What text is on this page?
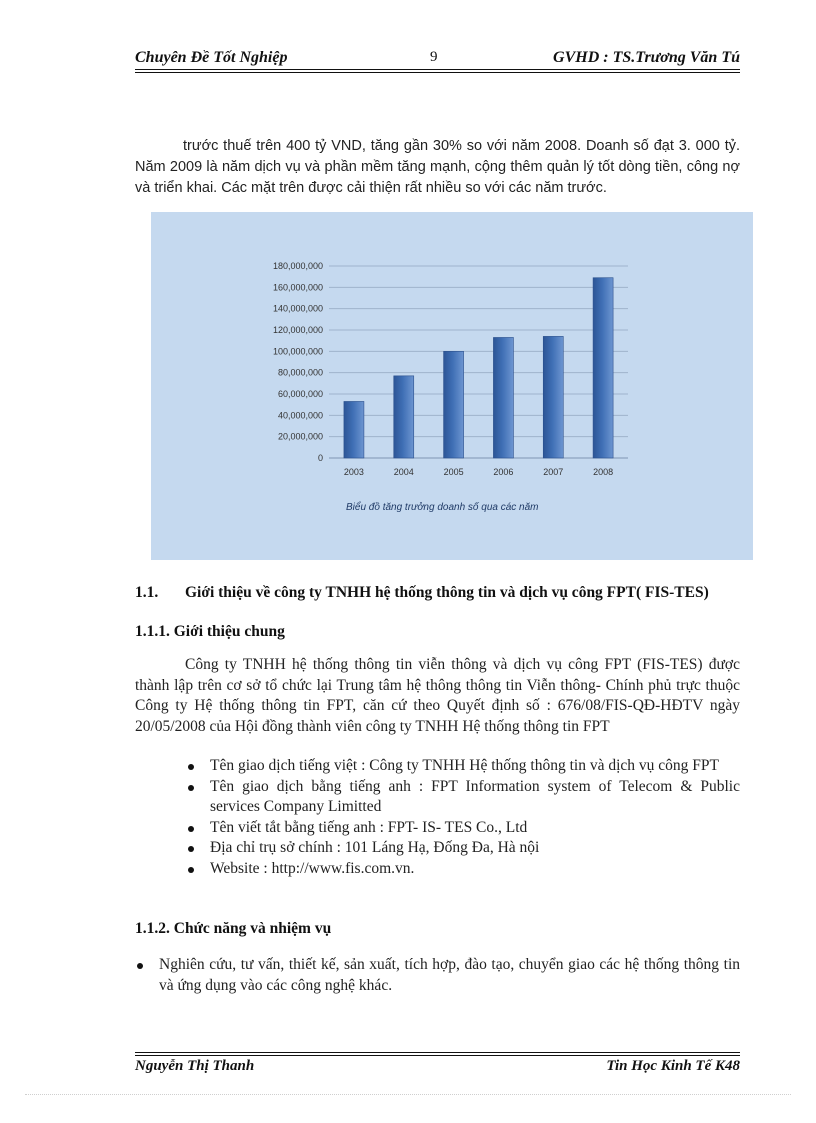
Chuyên Đề Tốt Nghiệp	9	GVHD : TS.Trương Văn Tú
trước thuế trên 400 tỷ VND, tăng gần 30% so với năm 2008. Doanh số đạt 3. 000 tỷ. Năm 2009 là năm dịch vụ và phần mềm tăng mạnh, cộng thêm quản lý tốt dòng tiền, công nợ và triển khai. Các mặt trên được cải thiện rất nhiều so với các năm trước.
0
20,000,000
40,000,000
60,000,000
80,000,000
100,000,000
120,000,000
140,000,000
160,000,000
180,000,000
2003	2004	2005	2006	2007	2008
Biểu đồ tăng trưởng doanh số qua các năm
1.1. Giới thiệu về công ty TNHH hệ thống thông tin và dịch vụ công FPT( FIS-TES)
1.1.1. Giới thiệu chung
Công ty TNHH hệ thống thông tin viễn thông và dịch vụ công FPT (FIS-TES) được thành lập trên cơ sở tổ chức lại Trung tâm hệ thông thông tin Viễn thông- Chính phủ trực thuộc Công ty Hệ thống thông tin FPT, căn cứ theo Quyết định số : 676/08/FIS-QĐ-HĐTV ngày 20/05/2008 của Hội đồng thành viên công ty TNHH Hệ thống thông tin FPT
Tên giao dịch tiếng việt : Công ty TNHH Hệ thống thông tin và dịch vụ công FPT
Tên giao dịch bằng tiếng anh : FPT Information system of Telecom & Public services Company Limitted
Tên viết tắt bằng tiếng anh : FPT- IS- TES Co., Ltd
Địa chỉ trụ sở chính : 101 Láng Hạ, Đống Đa, Hà nội
Website : http://www.fis.com.vn.
1.1.2. Chức năng và nhiệm vụ
Nghiên cứu, tư vấn, thiết kế, sản xuất, tích hợp, đào tạo, chuyển giao các hệ thống thông tin và ứng dụng vào các công nghệ khác.
Nguyễn Thị Thanh	Tin Học Kinh Tế K48
